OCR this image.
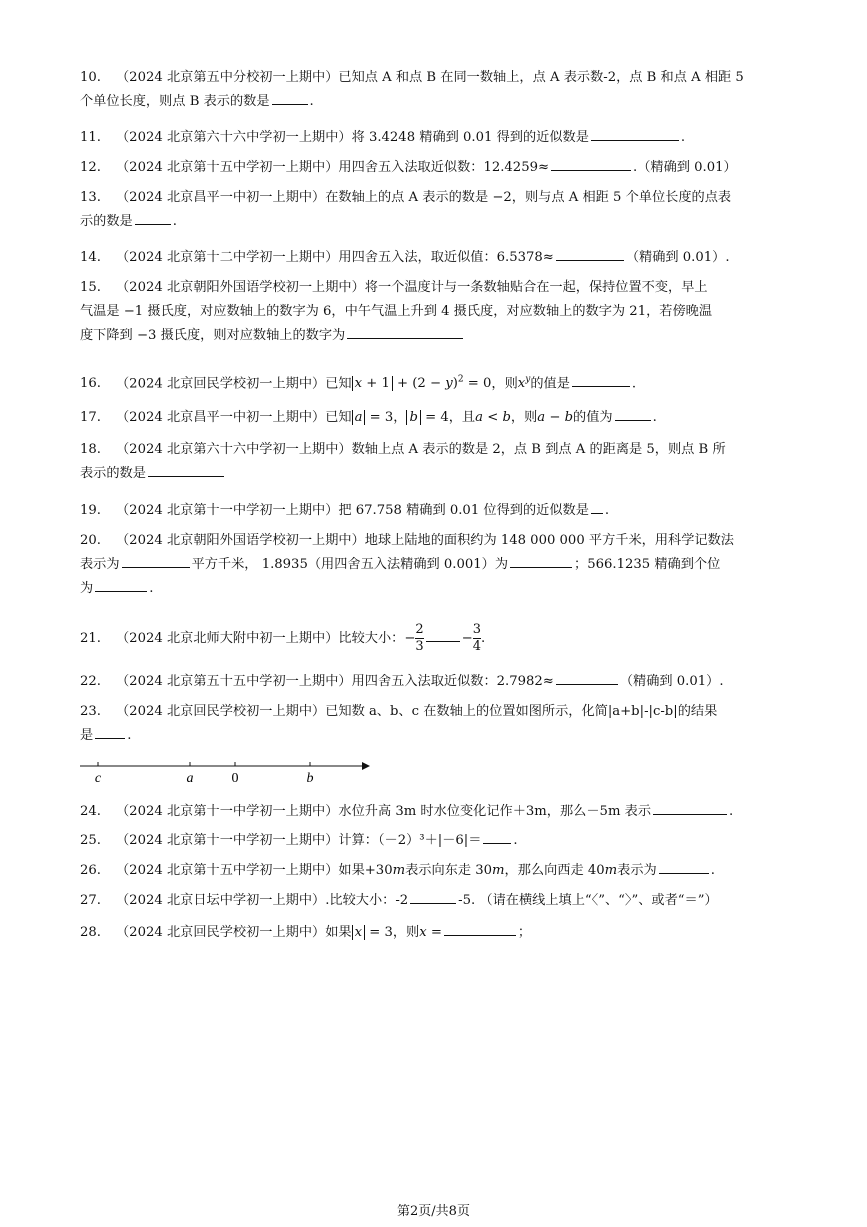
10. （2024 北京第五中分校初一上期中）已知点 A 和点 B 在同一数轴上，点 A 表示数-2，点 B 和点 A 相距 5
个单位长度，则点 B 表示的数是	.
11. （2024 北京第六十六中学初一上期中）将 3.4248 精确到 0.01 得到的近似数是	.
12. （2024 北京第十五中学初一上期中）用四舍五入法取近似数：12.4259≈	.（精确到 0.01）
13. （2024 北京昌平一中初一上期中）在数轴上的点 A 表示的数是 −2，则与点 A 相距 5 个单位长度的点表
示的数是	.
14. （2024 北京第十二中学初一上期中）用四舍五入法，取近似值：6.5378≈	（精确到 0.01）.
15. （2024 北京朝阳外国语学校初一上期中）将一个温度计与一条数轴贴合在一起，保持位置不变，早上
气温是 −1 摄氏度，对应数轴上的数字为 6，中午气温上升到 4 摄氏度，对应数轴上的数字为 21，若傍晚温
度下降到 −3 摄氏度，则对应数轴上的数字为
16. （2024 北京回民学校初一上期中）已知 $x + 1 + (2 - y)^2 = 0$，则$x^y$的值是	.
17. （2024 北京昌平一中初一上期中）已知 a = 3， b = 4，且a < b，则a − b的值为	.
18. （2024 北京第六十六中学初一上期中）数轴上点 A 表示的数是 2，点 B 到点 A 的距离是 5，则点 B 所
表示的数是
19. （2024 北京第十一中学初一上期中）把 67.758 精确到 0.01 位得到的近似数是 .
20. （2024 北京朝阳外国语学校初一上期中）地球上陆地的面积约为 148 000 000 平方千米，用科学记数法
表示为	平方千米， 1.8935（用四舍五入法精确到 0.001）为	；566.1235 精确到个位
为	.
21. （2024 北京北师大附中初一上期中）比较大小：− $\frac{2}{3}$	− $\frac{3}{4}$ .
22. （2024 北京第五十五中学初一上期中）用四舍五入法取近似数：2.7982≈	（精确到 0.01）.
23. （2024 北京回民学校初一上期中）已知数 a、b、c 在数轴上的位置如图所示，化简|a+b|-|c-b|的结果
是	.
c	a	0	b
24. （2024 北京第十一中学初一上期中）水位升高 3m 时水位变化记作＋3m，那么－5m 表示	.
25. （2024 北京第十一中学初一上期中）计算：（－2）³＋|－6|＝ .
26. （2024 北京第十五中学初一上期中）如果+30m表示向东走 30m，那么向西走 40m表示为	.
27. （2024 北京日坛中学初一上期中）.比较大小：-2	-5. （请在横线上填上“〈”、“〉”、或者“＝”）
28. （2024 北京回民学校初一上期中）如果 x = 3，则x =	；
第2页/共8页
